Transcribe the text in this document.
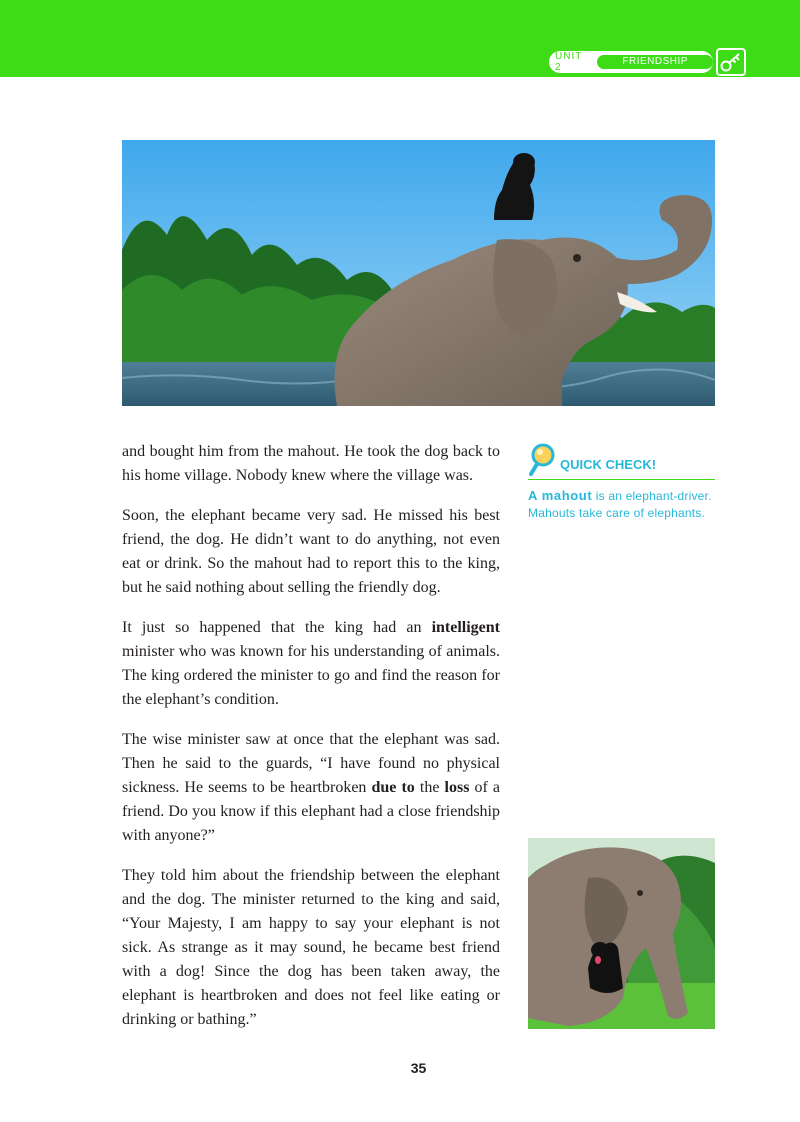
UNIT 2
FRIENDSHIP

and bought him from the mahout. He took the dog back to his home village. Nobody knew where the village was.

Soon, the elephant became very sad. He missed his best friend, the dog. He didn’t want to do anything, not even eat or drink. So the mahout had to report this to the king, but he said nothing about selling the friendly dog.

It just so happened that the king had an intelligent minister who was known for his understanding of animals. The king ordered the minister to go and find the reason for the elephant’s condition.

The wise minister saw at once that the elephant was sad. Then he said to the guards, “I have found no physical sickness. He seems to be heartbroken due to the loss of a friend. Do you know if this elephant had a close friendship with anyone?”

They told him about the friendship between the elephant and the dog. The minister returned to the king and said, “Your Majesty, I am happy to say your elephant is not sick. As strange as it may sound, he became best friend with a dog! Since the dog has been taken away, the elephant is heartbroken and does not feel like eating or drinking or bathing.”

QUICK CHECK!
A mahout is an elephant-driver. Mahouts take care of elephants.
35
